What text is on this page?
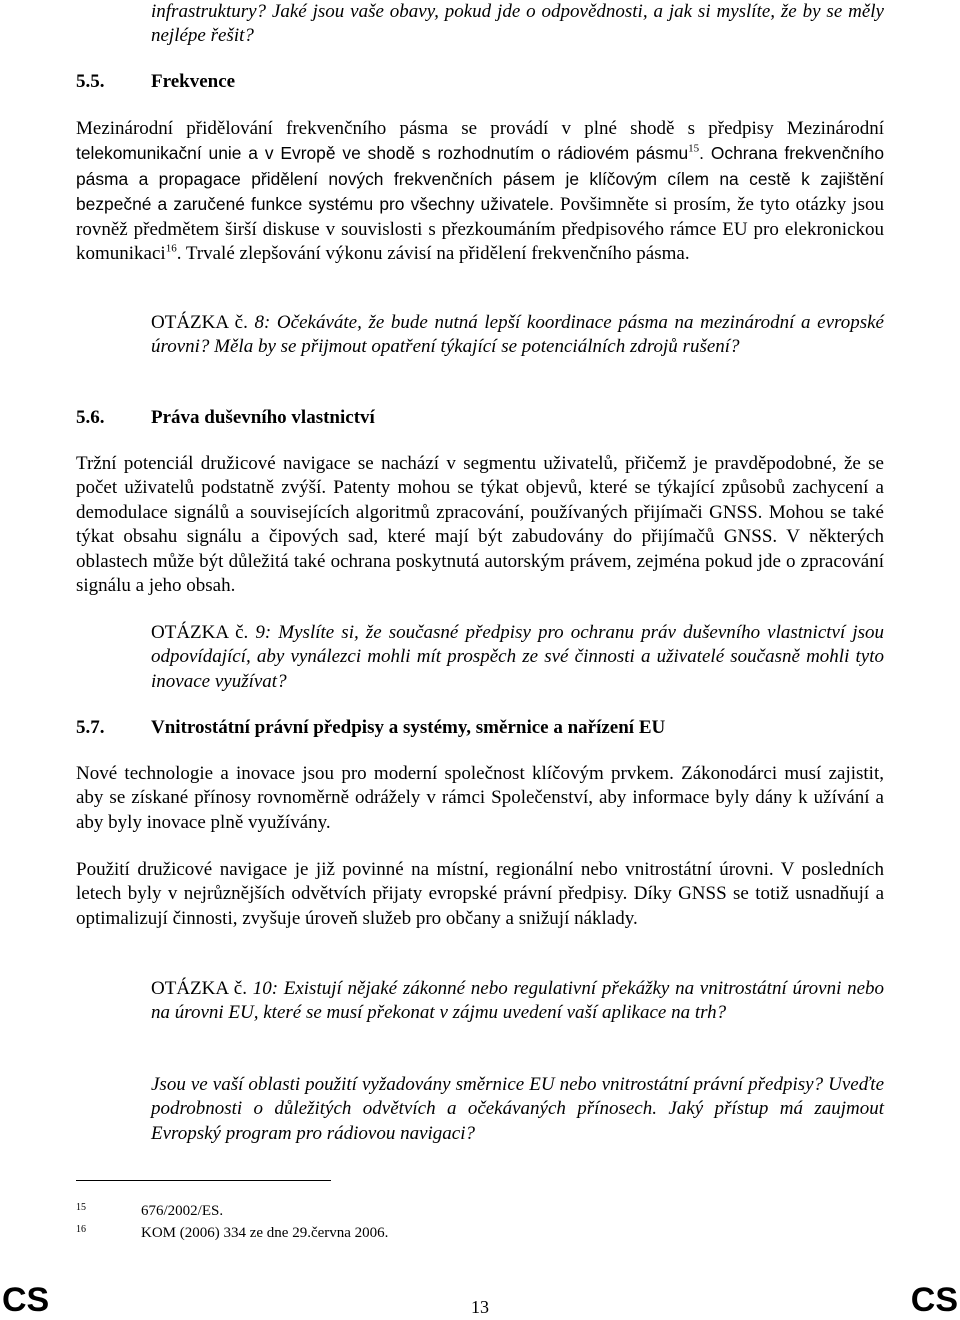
infrastruktury? Jaké jsou vaše obavy, pokud jde o odpovědnosti, a jak si myslíte, že by se měly nejlépe řešit?

5.5. Frekvence

Mezinárodní přidělování frekvenčního pásma se provádí v plné shodě s předpisy Mezinárodní telekomunikační unie a v Evropě ve shodě s rozhodnutím o rádiovém pásmu$^{15}$. Ochrana frekvenčního pásma a propagace přidělení nových frekvenčních pásem je klíčovým cílem na cestě k zajištění bezpečné a zaručené funkce systému pro všechny uživatele. Povšimněte si prosím, že tyto otázky jsou rovněž předmětem širší diskuse v souvislosti s přezkoumáním předpisového rámce EU pro elekronickou komunikaci$^{16}$. Trvalé zlepšování výkonu závisí na přidělení frekvenčního pásma.

OTÁZKA č. 8: Očekáváte, že bude nutná lepší koordinace pásma na mezinárodní a evropské úrovni? Měla by se přijmout opatření týkající se potenciálních zdrojů rušení?

5.6. Práva duševního vlastnictví

Tržní potenciál družicové navigace se nachází v segmentu uživatelů, přičemž je pravděpodobné, že se počet uživatelů podstatně zvýší. Patenty mohou se týkat objevů, které se týkající způsobů zachycení a demodulace signálů a souvisejících algoritmů zpracování, používaných přijímači GNSS. Mohou se také týkat obsahu signálu a čipových sad, které mají být zabudovány do přijímačů GNSS. V některých oblastech může být důležitá také ochrana poskytnutá autorským právem, zejména pokud jde o zpracování signálu a jeho obsah.

OTÁZKA č. 9: Myslíte si, že současné předpisy pro ochranu práv duševního vlastnictví jsou odpovídající, aby vynálezci mohli mít prospěch ze své činnosti a uživatelé současně mohli tyto inovace využívat?

5.7. Vnitrostátní právní předpisy a systémy, směrnice a nařízení EU

Nové technologie a inovace jsou pro moderní společnost klíčovým prvkem. Zákonodárci musí zajistit, aby se získané přínosy rovnoměrně odrážely v rámci Společenství, aby informace byly dány k užívání a aby byly inovace plně využívány.

Použití družicové navigace je již povinné na místní, regionální nebo vnitrostátní úrovni. V posledních letech byly v nejrůznějších odvětvích přijaty evropské právní předpisy. Díky GNSS se totiž usnadňují a optimalizují činnosti, zvyšuje úroveň služeb pro občany a snižují náklady.

OTÁZKA č. 10: Existují nějaké zákonné nebo regulativní překážky na vnitrostátní úrovni nebo na úrovni EU, které se musí překonat v zájmu uvedení vaší aplikace na trh?

Jsou ve vaší oblasti použití vyžadovány směrnice EU nebo vnitrostátní právní předpisy? Uveďte podrobnosti o důležitých odvětvích a očekávaných přínosech. Jaký přístup má zaujmout Evropský program pro rádiovou navigaci?

15	676/2002/ES.

16	KOM (2006) 334 ze dne 29.června 2006.

CS	13	CS
